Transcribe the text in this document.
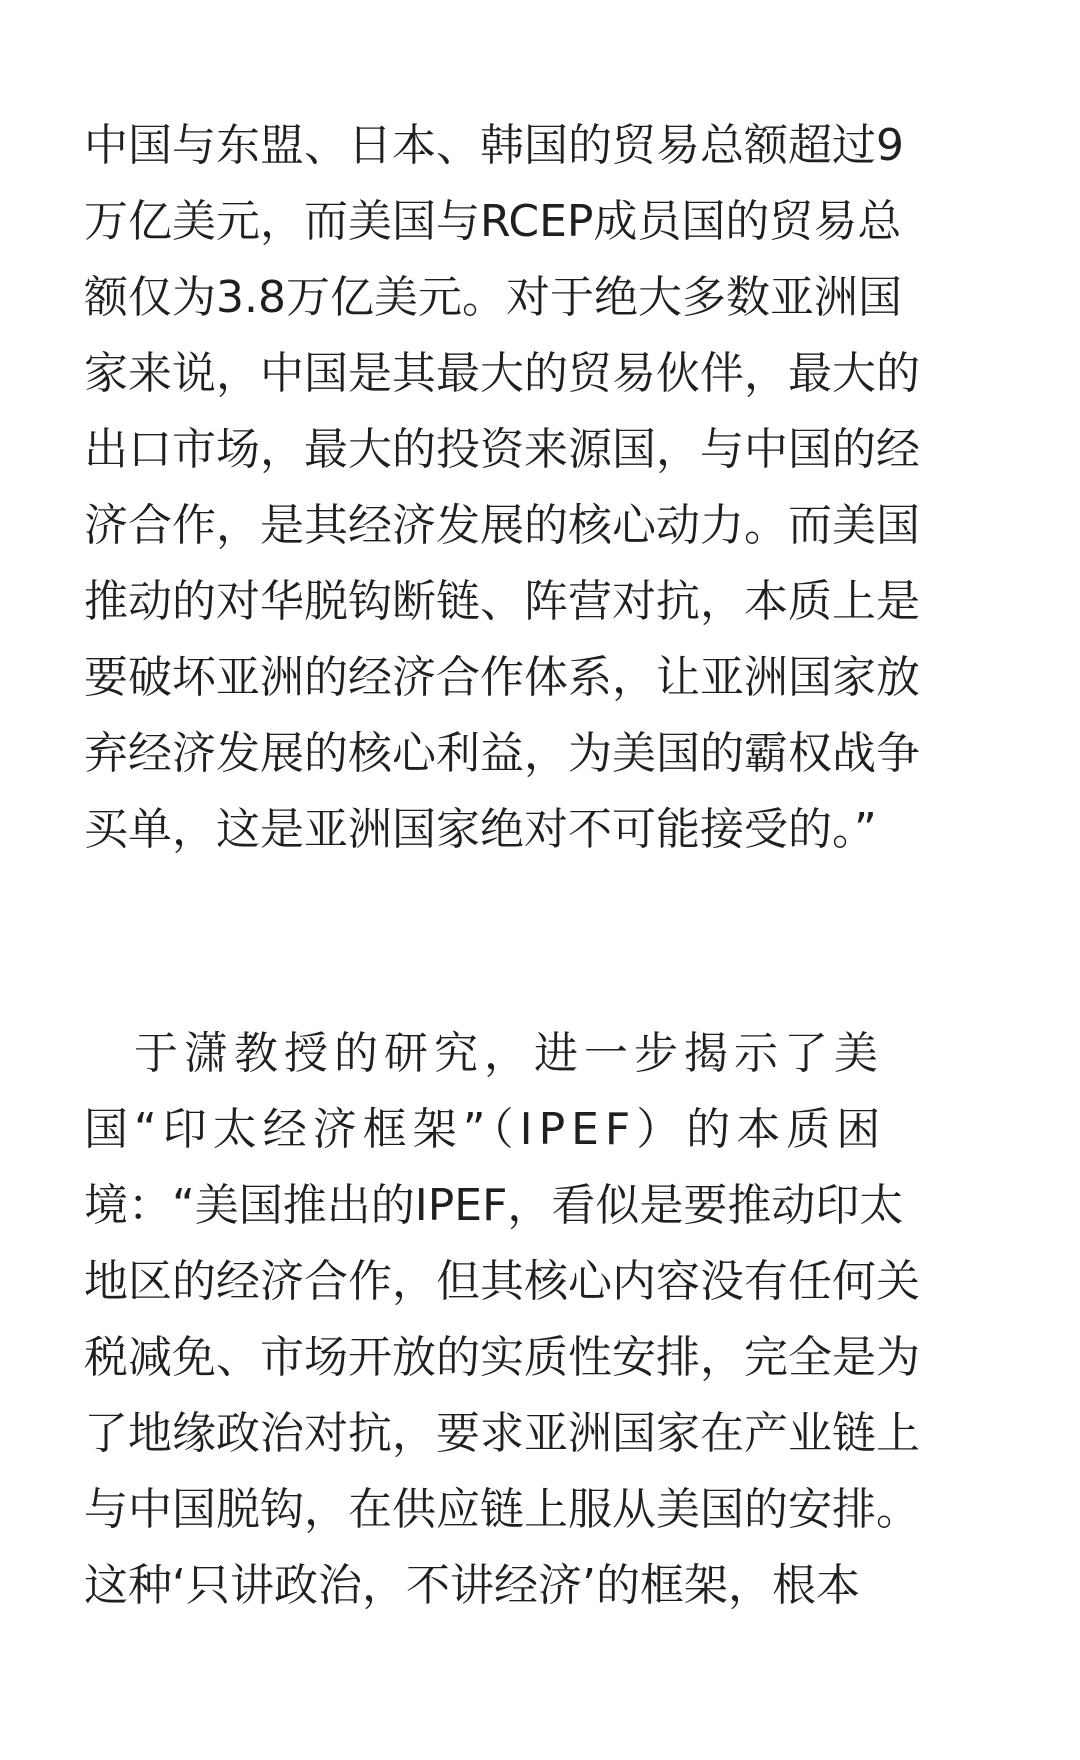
中国与东盟、日本、韩国的贸易总额超过9
万亿美元，而美国与RCEP成员国的贸易总
额仅为3.8万亿美元。对于绝大多数亚洲国
家来说，中国是其最大的贸易伙伴，最大的
出口市场，最大的投资来源国，与中国的经
济合作，是其经济发展的核心动力。而美国
推动的对华脱钩断链、阵营对抗，本质上是
要破坏亚洲的经济合作体系，让亚洲国家放
弃经济发展的核心利益，为美国的霸权战争
买单，这是亚洲国家绝对不可能接受的。”
　于潇教授的研究，进一步揭示了美
国“印太经济框架”（IPEF）的本质困
境：“美国推出的IPEF，看似是要推动印太
地区的经济合作，但其核心内容没有任何关
税减免、市场开放的实质性安排，完全是为
了地缘政治对抗，要求亚洲国家在产业链上
与中国脱钩，在供应链上服从美国的安排。
这种‘只讲政治，不讲经济’的框架，根本
